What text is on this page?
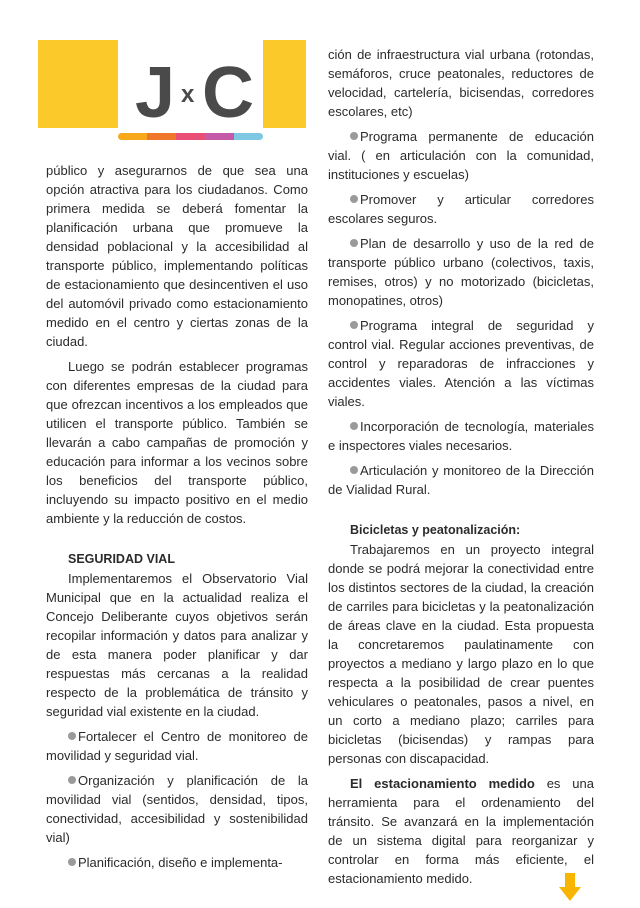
J x C

público y asegurarnos de que sea una opción atractiva para los ciudadanos. Como primera medida se deberá fomentar la planificación urbana que promueve la densidad poblacional y la accesibilidad al transporte público, implementando políticas de estacionamiento que desincentiven el uso del automóvil privado como estacionamiento medido en el centro y ciertas zonas de la ciudad.

Luego se podrán establecer programas con diferentes empresas de la ciudad para que ofrezcan incentivos a los empleados que utilicen el transporte público. También se llevarán a cabo campañas de promoción y educación para informar a los vecinos sobre los beneficios del transporte público, incluyendo su impacto positivo en el medio ambiente y la reducción de costos.

SEGURIDAD VIAL

Implementaremos el Observatorio Vial Municipal que en la actualidad realiza el Concejo Deliberante cuyos objetivos serán recopilar información y datos para analizar y de esta manera poder planificar y dar respuestas más cercanas a la realidad respecto de la problemática de tránsito y seguridad vial existente en la ciudad.

Fortalecer el Centro de monitoreo de movilidad y seguridad vial.

Organización y planificación de la movilidad vial (sentidos, densidad, tipos, conectividad, accesibilidad y sostenibilidad vial)

Planificación, diseño e implementa-

ción de infraestructura vial urbana (rotondas, semáforos, cruce peatonales, reductores de velocidad, cartelería, bicisendas, corredores escolares, etc)

Programa permanente de educación vial. ( en articulación con la comunidad, instituciones y escuelas)

Promover y articular corredores escolares seguros.

Plan de desarrollo y uso de la red de transporte público urbano (colectivos, taxis, remises, otros) y no motorizado (bicicletas, monopatines, otros)

Programa integral de seguridad y control vial. Regular acciones preventivas, de control y reparadoras de infracciones y accidentes viales. Atención a las víctimas viales.

Incorporación de tecnología, materiales e inspectores viales necesarios.

Articulación y monitoreo de la Dirección de Vialidad Rural.

Bicicletas y peatonalización:

Trabajaremos en un proyecto integral donde se podrá mejorar la conectividad entre los distintos sectores de la ciudad, la creación de carriles para bicicletas y la peatonalización de áreas clave en la ciudad. Esta propuesta la concretaremos paulatinamente con proyectos a mediano y largo plazo en lo que respecta a la posibilidad de crear puentes vehiculares o peatonales, pasos a nivel, en un corto a mediano plazo; carriles para bicicletas (bicisendas) y rampas para personas con discapacidad.

El estacionamiento medido es una herramienta para el ordenamiento del tránsito. Se avanzará en la implementación de un sistema digital para reorganizar y controlar en forma más eficiente, el estacionamiento medido.
